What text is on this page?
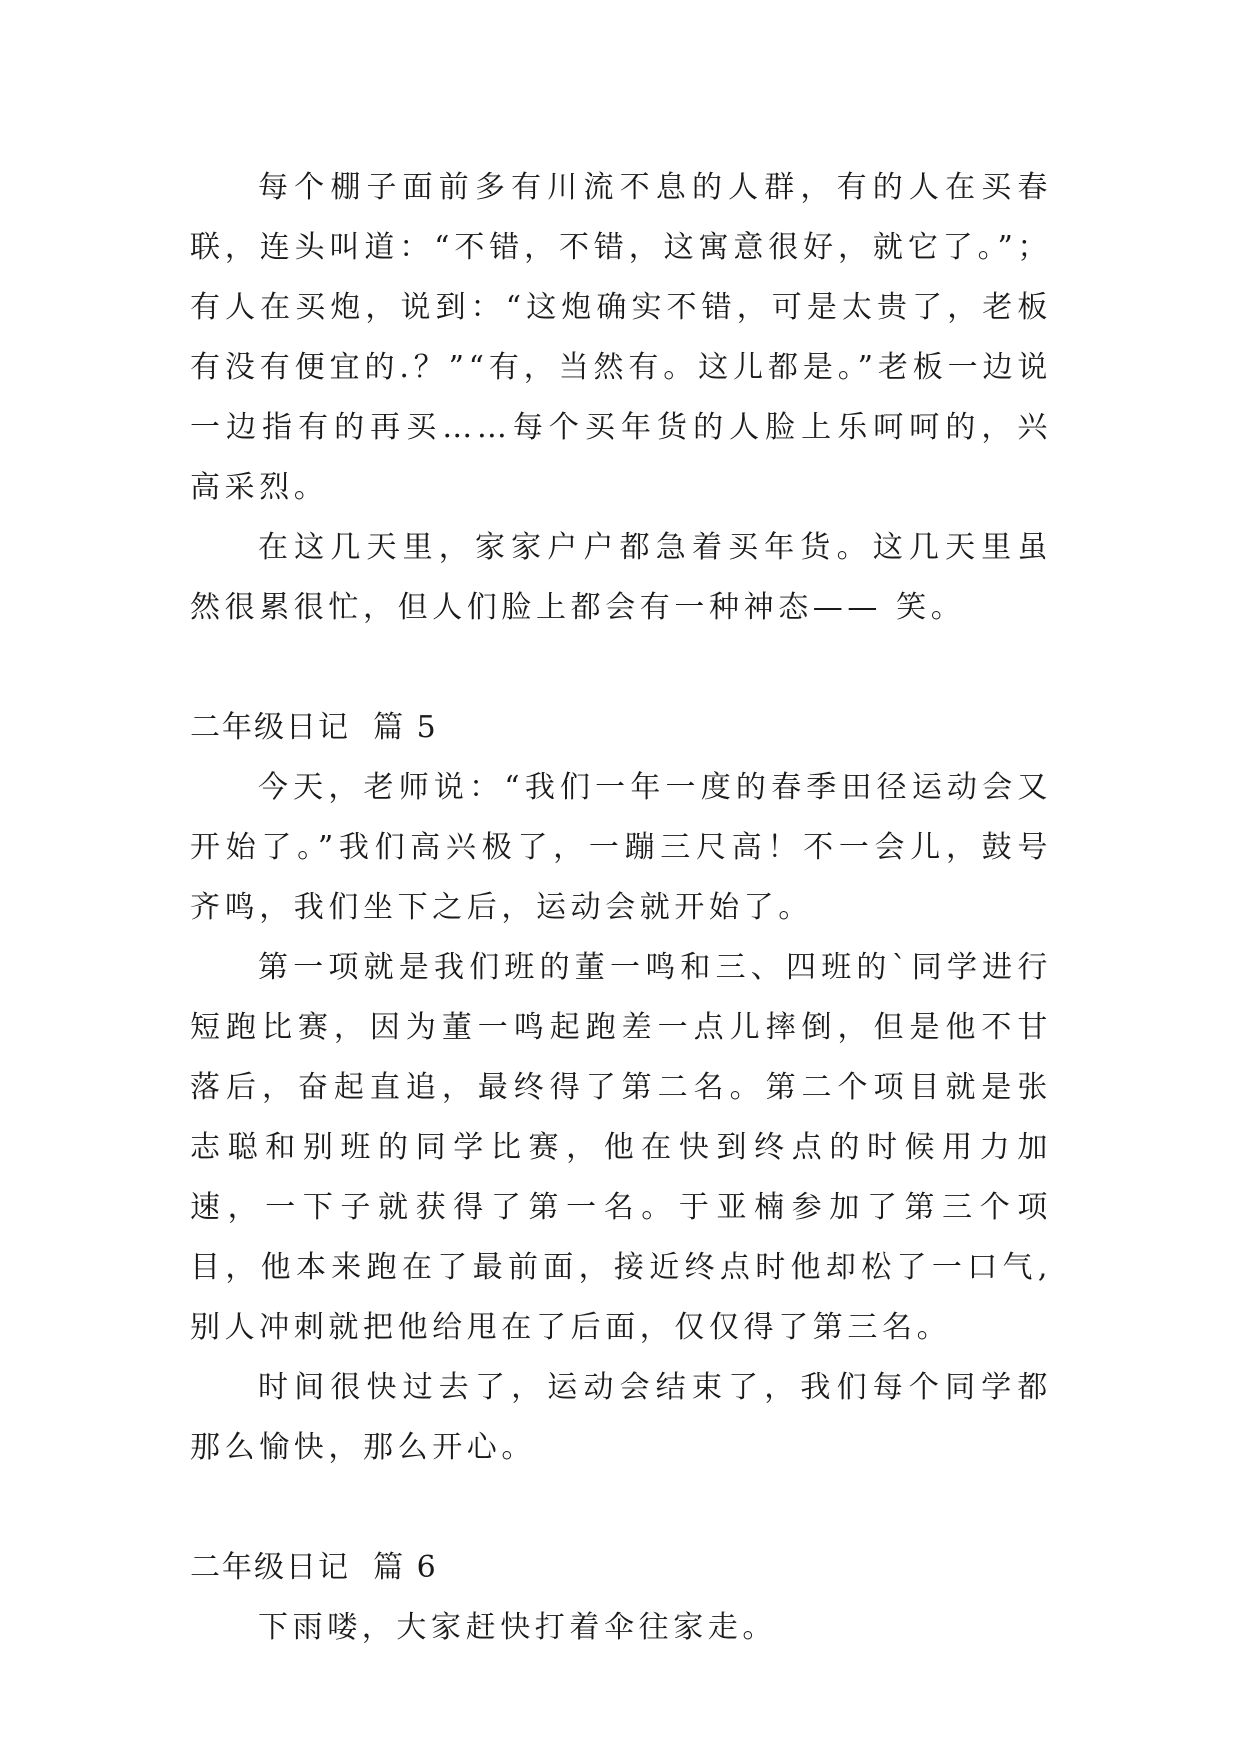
每个棚子面前多有川流不息的人群，有的人在买春联，连头叫道：“不错，不错，这寓意很好，就它了。”；有人在买炮，说到：“这炮确实不错，可是太贵了，老板有没有便宜的.？”“有，当然有。这儿都是。”老板一边说一边指有的再买……每个买年货的人脸上乐呵呵的，兴高采烈。

在这几天里，家家户户都急着买年货。这几天里虽然很累很忙，但人们脸上都会有一种神态—— 笑。

二年级日记  篇 5

今天，老师说：“我们一年一度的春季田径运动会又开始了。”我们高兴极了，一蹦三尺高！不一会儿，鼓号齐鸣，我们坐下之后，运动会就开始了。

第一项就是我们班的董一鸣和三、四班的`同学进行短跑比赛，因为董一鸣起跑差一点儿摔倒，但是他不甘落后，奋起直追，最终得了第二名。第二个项目就是张志聪和别班的同学比赛，他在快到终点的时候用力加速，一下子就获得了第一名。于亚楠参加了第三个项目，他本来跑在了最前面，接近终点时他却松了一口气,别人冲刺就把他给甩在了后面，仅仅得了第三名。

时间很快过去了，运动会结束了，我们每个同学都那么愉快，那么开心。

二年级日记  篇 6

下雨喽，大家赶快打着伞往家走。
